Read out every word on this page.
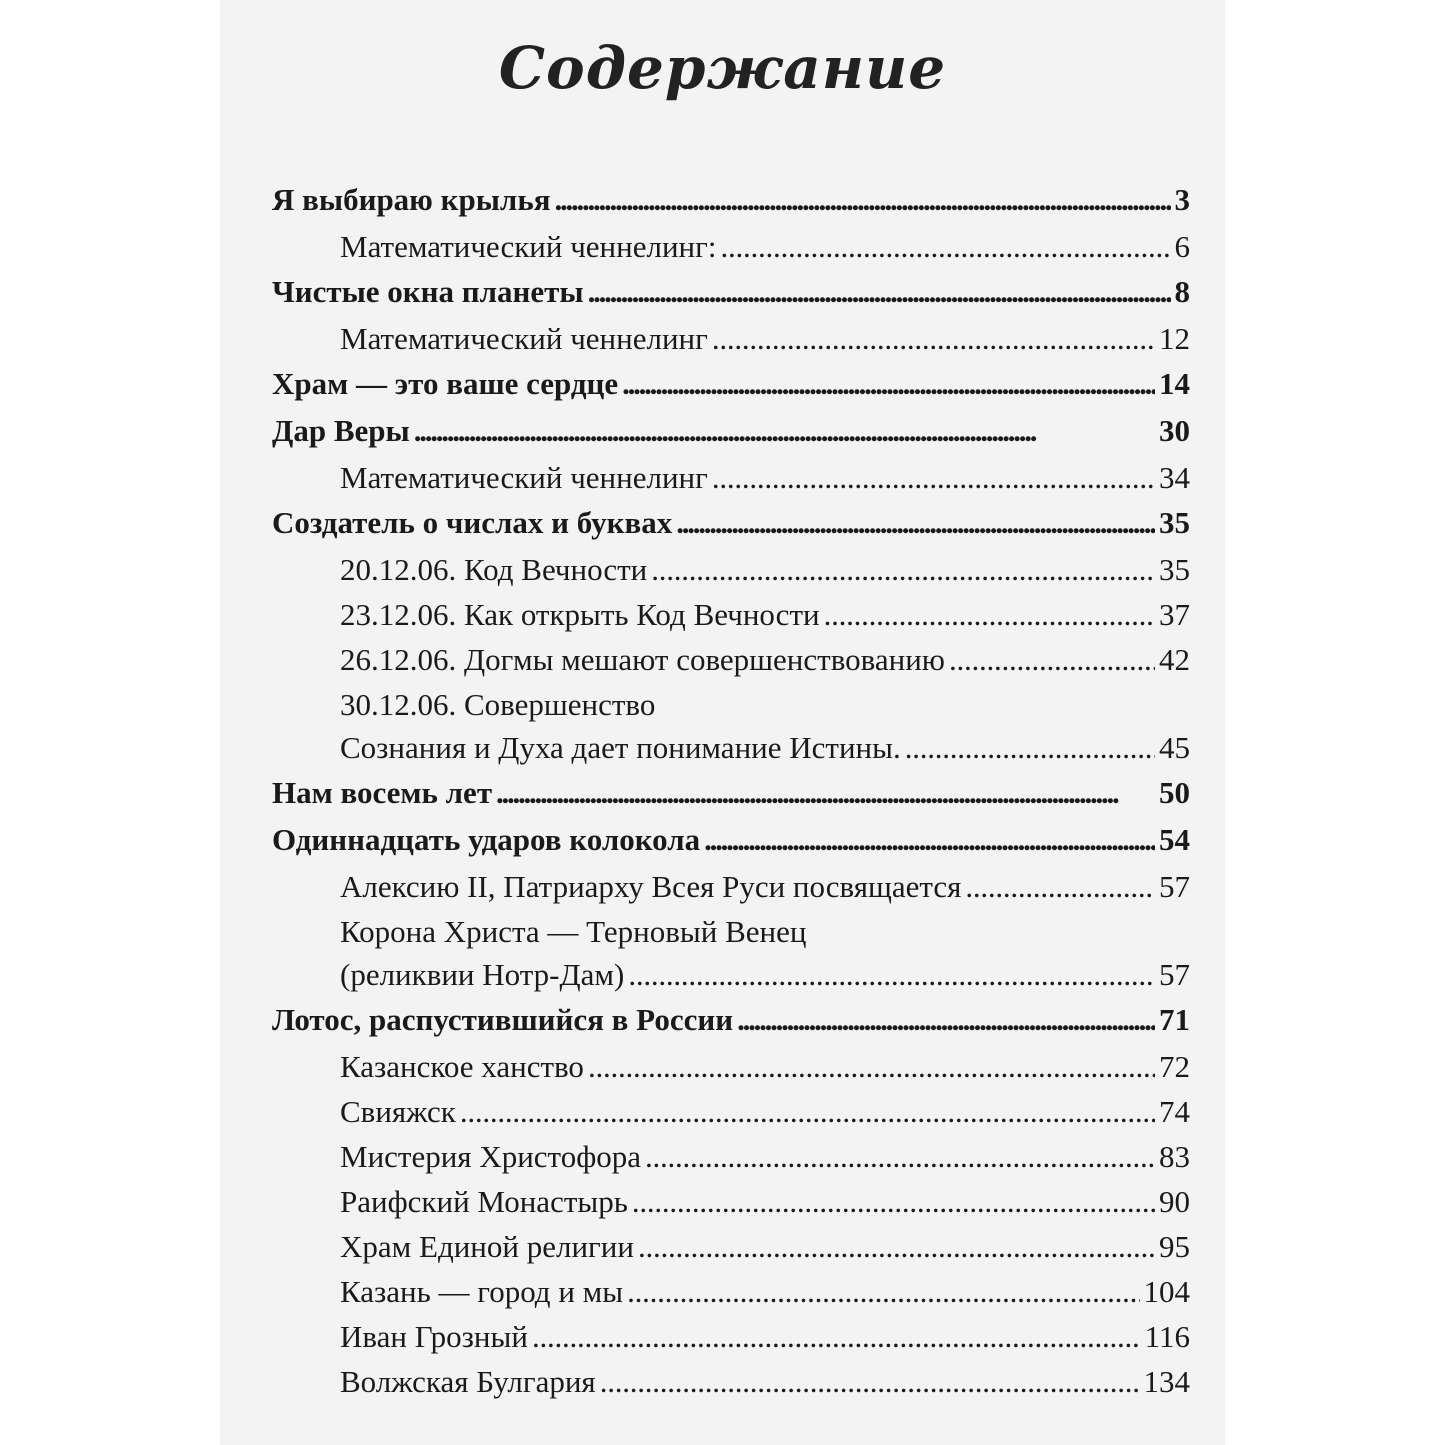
Содержание
Я выбираю крылья . . .	3
Математический ченнелинг: . . .	6
Чистые окна планеты . . .	8
Математический ченнелинг . . .	12
Храм — это ваше сердце . . .	14
Дар Веры . . .	30
Математический ченнелинг . . .	34
Создатель о числах и буквах . . .	35
20.12.06. Код Вечности . . .	35
23.12.06. Как открыть Код Вечности . . .	37
26.12.06. Догмы мешают совершенствованию . . .	42
30.12.06. Совершенство
Сознания и Духа дает понимание Истины. . . .	45
Нам восемь лет . . .	50
Одиннадцать ударов колокола . . .	54
Алексию II, Патриарху Всея Руси посвящается . . .	57
Корона Христа — Терновый Венец
(реликвии Нотр-Дам) . . .	57
Лотос, распустившийся в России . . .	71
Казанское ханство . . .	72
Свияжск . . .	74
Мистерия Христофора . . .	83
Раифский Монастырь . . .	90
Храм Единой религии . . .	95
Казань — город и мы . . .	104
Иван Грозный . . .	116
Волжская Булгария . . .	134
